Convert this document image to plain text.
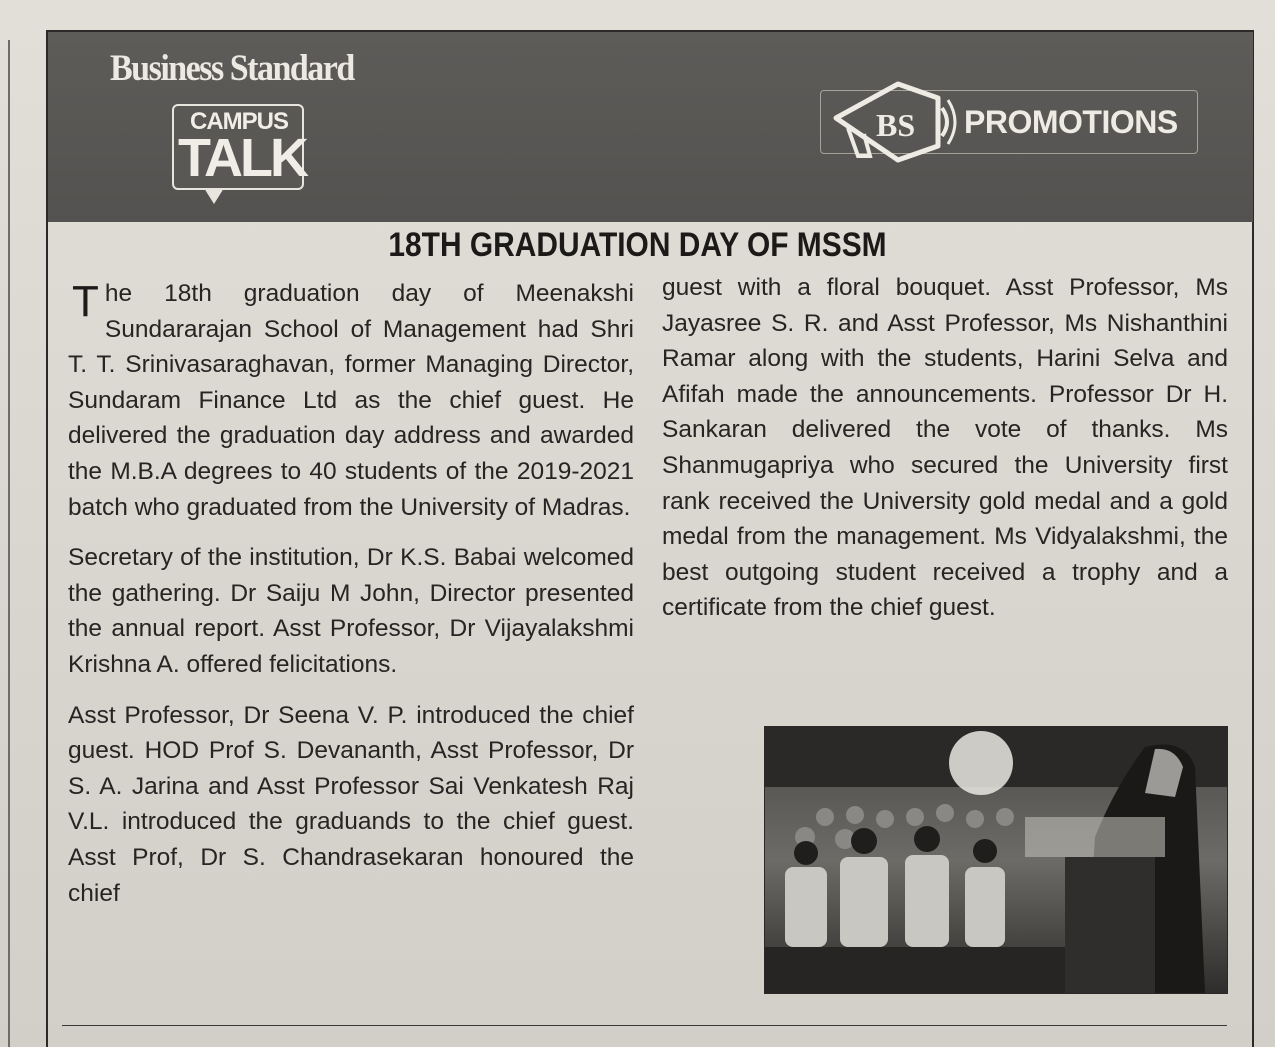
Business Standard
CAMPUS
TALK
BS PROMOTIONS
18TH GRADUATION DAY OF MSSM

The 18th graduation day of Meenakshi Sundararajan School of Management had Shri T. T. Srinivasaraghavan, former Managing Director, Sundaram Finance Ltd as the chief guest. He delivered the graduation day address and awarded the M.B.A degrees to 40 students of the 2019-2021 batch who graduated from the University of Madras.

Secretary of the institution, Dr K.S. Babai welcomed the gathering. Dr Saiju M John, Director presented the annual report. Asst Professor, Dr Vijayalakshmi Krishna A. offered felicitations.

Asst Professor, Dr Seena V. P. introduced the chief guest. HOD Prof S. Devananth, Asst Professor, Dr S. A. Jarina and Asst Professor Sai Venkatesh Raj V.L. introduced the graduands to the chief guest. Asst Prof, Dr S. Chandrasekaran honoured the chief

guest with a floral bouquet. Asst Professor, Ms Jayasree S. R. and Asst Professor, Ms Nishanthini Ramar along with the students, Harini Selva and Afifah made the announcements. Professor Dr H. Sankaran delivered the vote of thanks. Ms Shanmugapriya who secured the University first rank received the University gold medal and a gold medal from the management. Ms Vidyalakshmi, the best outgoing student received a trophy and a certificate from the chief guest.
